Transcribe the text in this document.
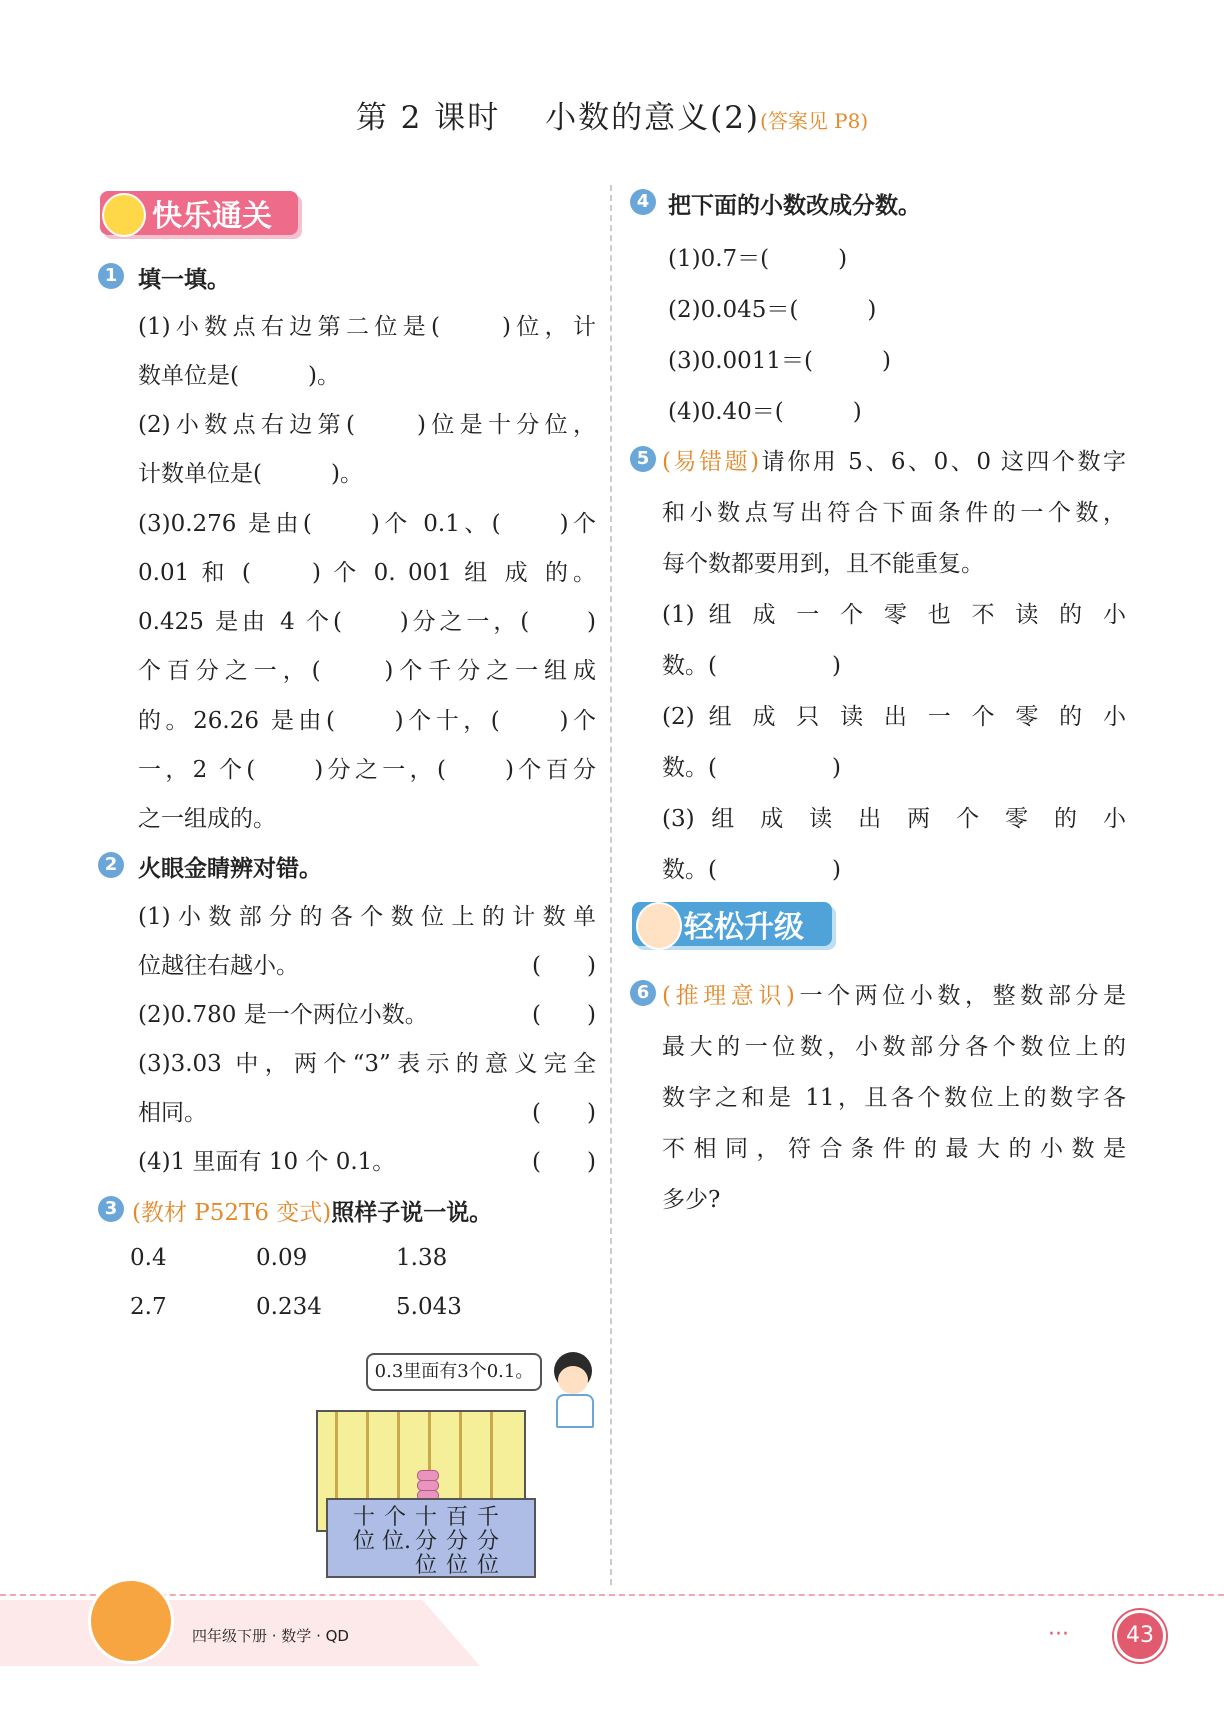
第 2 课时　 小数的意义(2)(答案见 P8)
快乐通关
1 填一填。
(1)小数点右边第二位是(　　)位，计
数单位是(　　　)。
(2)小数点右边第(　　)位是十分位，
计数单位是(　　　)。
(3)0.276 是由(　　)个 0.1、(　　)个
0.01 和 (　　) 个 0. 001 组 成 的。
0.425 是由 4 个(　　)分之一，(　　)
个百分之一，(　　)个千分之一组成
的。26.26 是由(　　)个十，(　　)个
一，2 个(　　)分之一，(　　)个百分
之一组成的。
2 火眼金睛辨对错。
(1)小数部分的各个数位上的计数单
位越往右越小。	(　　)
(2)0.780 是一个两位小数。	(　　)
(3)3.03 中，两个“3”表示的意义完全
相同。	(　　)
(4)1 里面有 10 个 0.1。	(　　)
3 (教材 P52T6 变式)照样子说一说。
0.4	0.09	1.38
2.7	0.234	5.043
0.3里面有3个0.1。
十
位
个
位.
十
分
位
百
分
位
千
分
位
4 把下面的小数改成分数。
(1)0.7＝(　　　)
(2)0.045＝(　　　)
(3)0.0011＝(　　　)
(4)0.40＝(　　　)
5 (易错题)请你用 5、6、0、0 这四个数字
和小数点写出符合下面条件的一个数，
每个数都要用到，且不能重复。
(1) 组 成 一 个 零 也 不 读 的 小
数。(　　　　　)
(2) 组 成 只 读 出 一 个 零 的 小
数。(　　　　　)
(3) 组 成 读 出 两 个 零 的 小
数。(　　　　　)
轻松升级
6 (推理意识)一个两位小数，整数部分是
最大的一位数，小数部分各个数位上的
数字之和是 11，且各个数位上的数字各
不相同，符合条件的最大的小数是
多少?
四年级下册 · 数学 · QD	···	43
